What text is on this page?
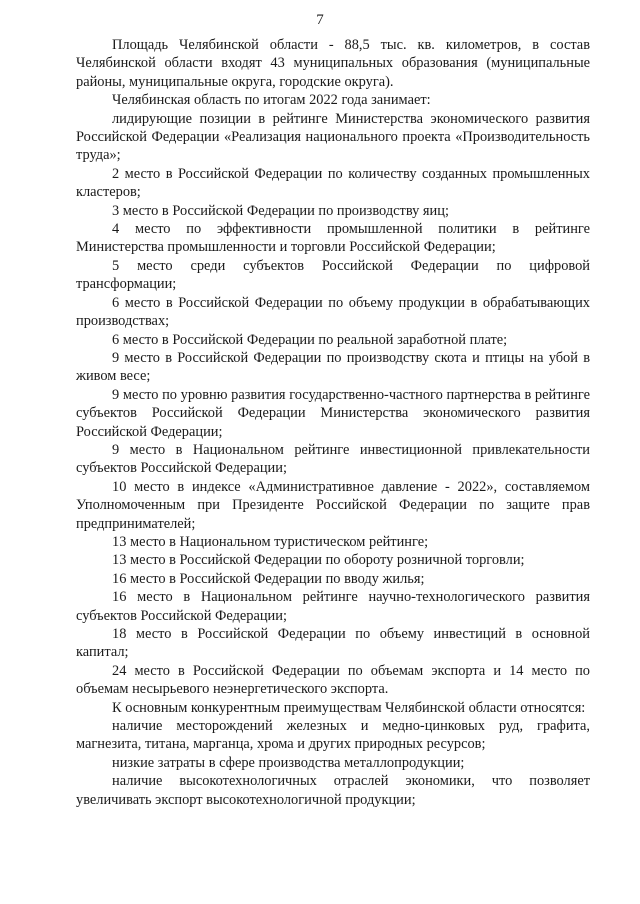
7

Площадь Челябинской области - 88,5 тыс. кв. километров, в состав Челябинской области входят 43 муниципальных образования (муниципальные районы, муниципальные округа, городские округа).

Челябинская область по итогам 2022 года занимает:

лидирующие позиции в рейтинге Министерства экономического развития Российской Федерации «Реализация национального проекта «Производительность труда»;

2 место в Российской Федерации по количеству созданных промышленных кластеров;

3 место в Российской Федерации по производству яиц;

4 место по эффективности промышленной политики в рейтинге Министерства промышленности и торговли Российской Федерации;

5 место среди субъектов Российской Федерации по цифровой трансформации;

6 место в Российской Федерации по объему продукции в обрабатывающих производствах;

6 место в Российской Федерации по реальной заработной плате;

9 место в Российской Федерации по производству скота и птицы на убой в живом весе;

9 место по уровню развития государственно-частного партнерства в рейтинге субъектов Российской Федерации Министерства экономического развития Российской Федерации;

9 место в Национальном рейтинге инвестиционной привлекательности субъектов Российской Федерации;

10 место в индексе «Административное давление - 2022», составляемом Уполномоченным при Президенте Российской Федерации по защите прав предпринимателей;

13 место в Национальном туристическом рейтинге;

13 место в Российской Федерации по обороту розничной торговли;

16 место в Российской Федерации по вводу жилья;

16 место в Национальном рейтинге научно-технологического развития субъектов Российской Федерации;

18 место в Российской Федерации по объему инвестиций в основной капитал;

24 место в Российской Федерации по объемам экспорта и 14 место по объемам несырьевого неэнергетического экспорта.

К основным конкурентным преимуществам Челябинской области относятся:

наличие месторождений железных и медно-цинковых руд, графита, магнезита, титана, марганца, хрома и других природных ресурсов;

низкие затраты в сфере производства металлопродукции;

наличие высокотехнологичных отраслей экономики, что позволяет увеличивать экспорт высокотехнологичной продукции;
